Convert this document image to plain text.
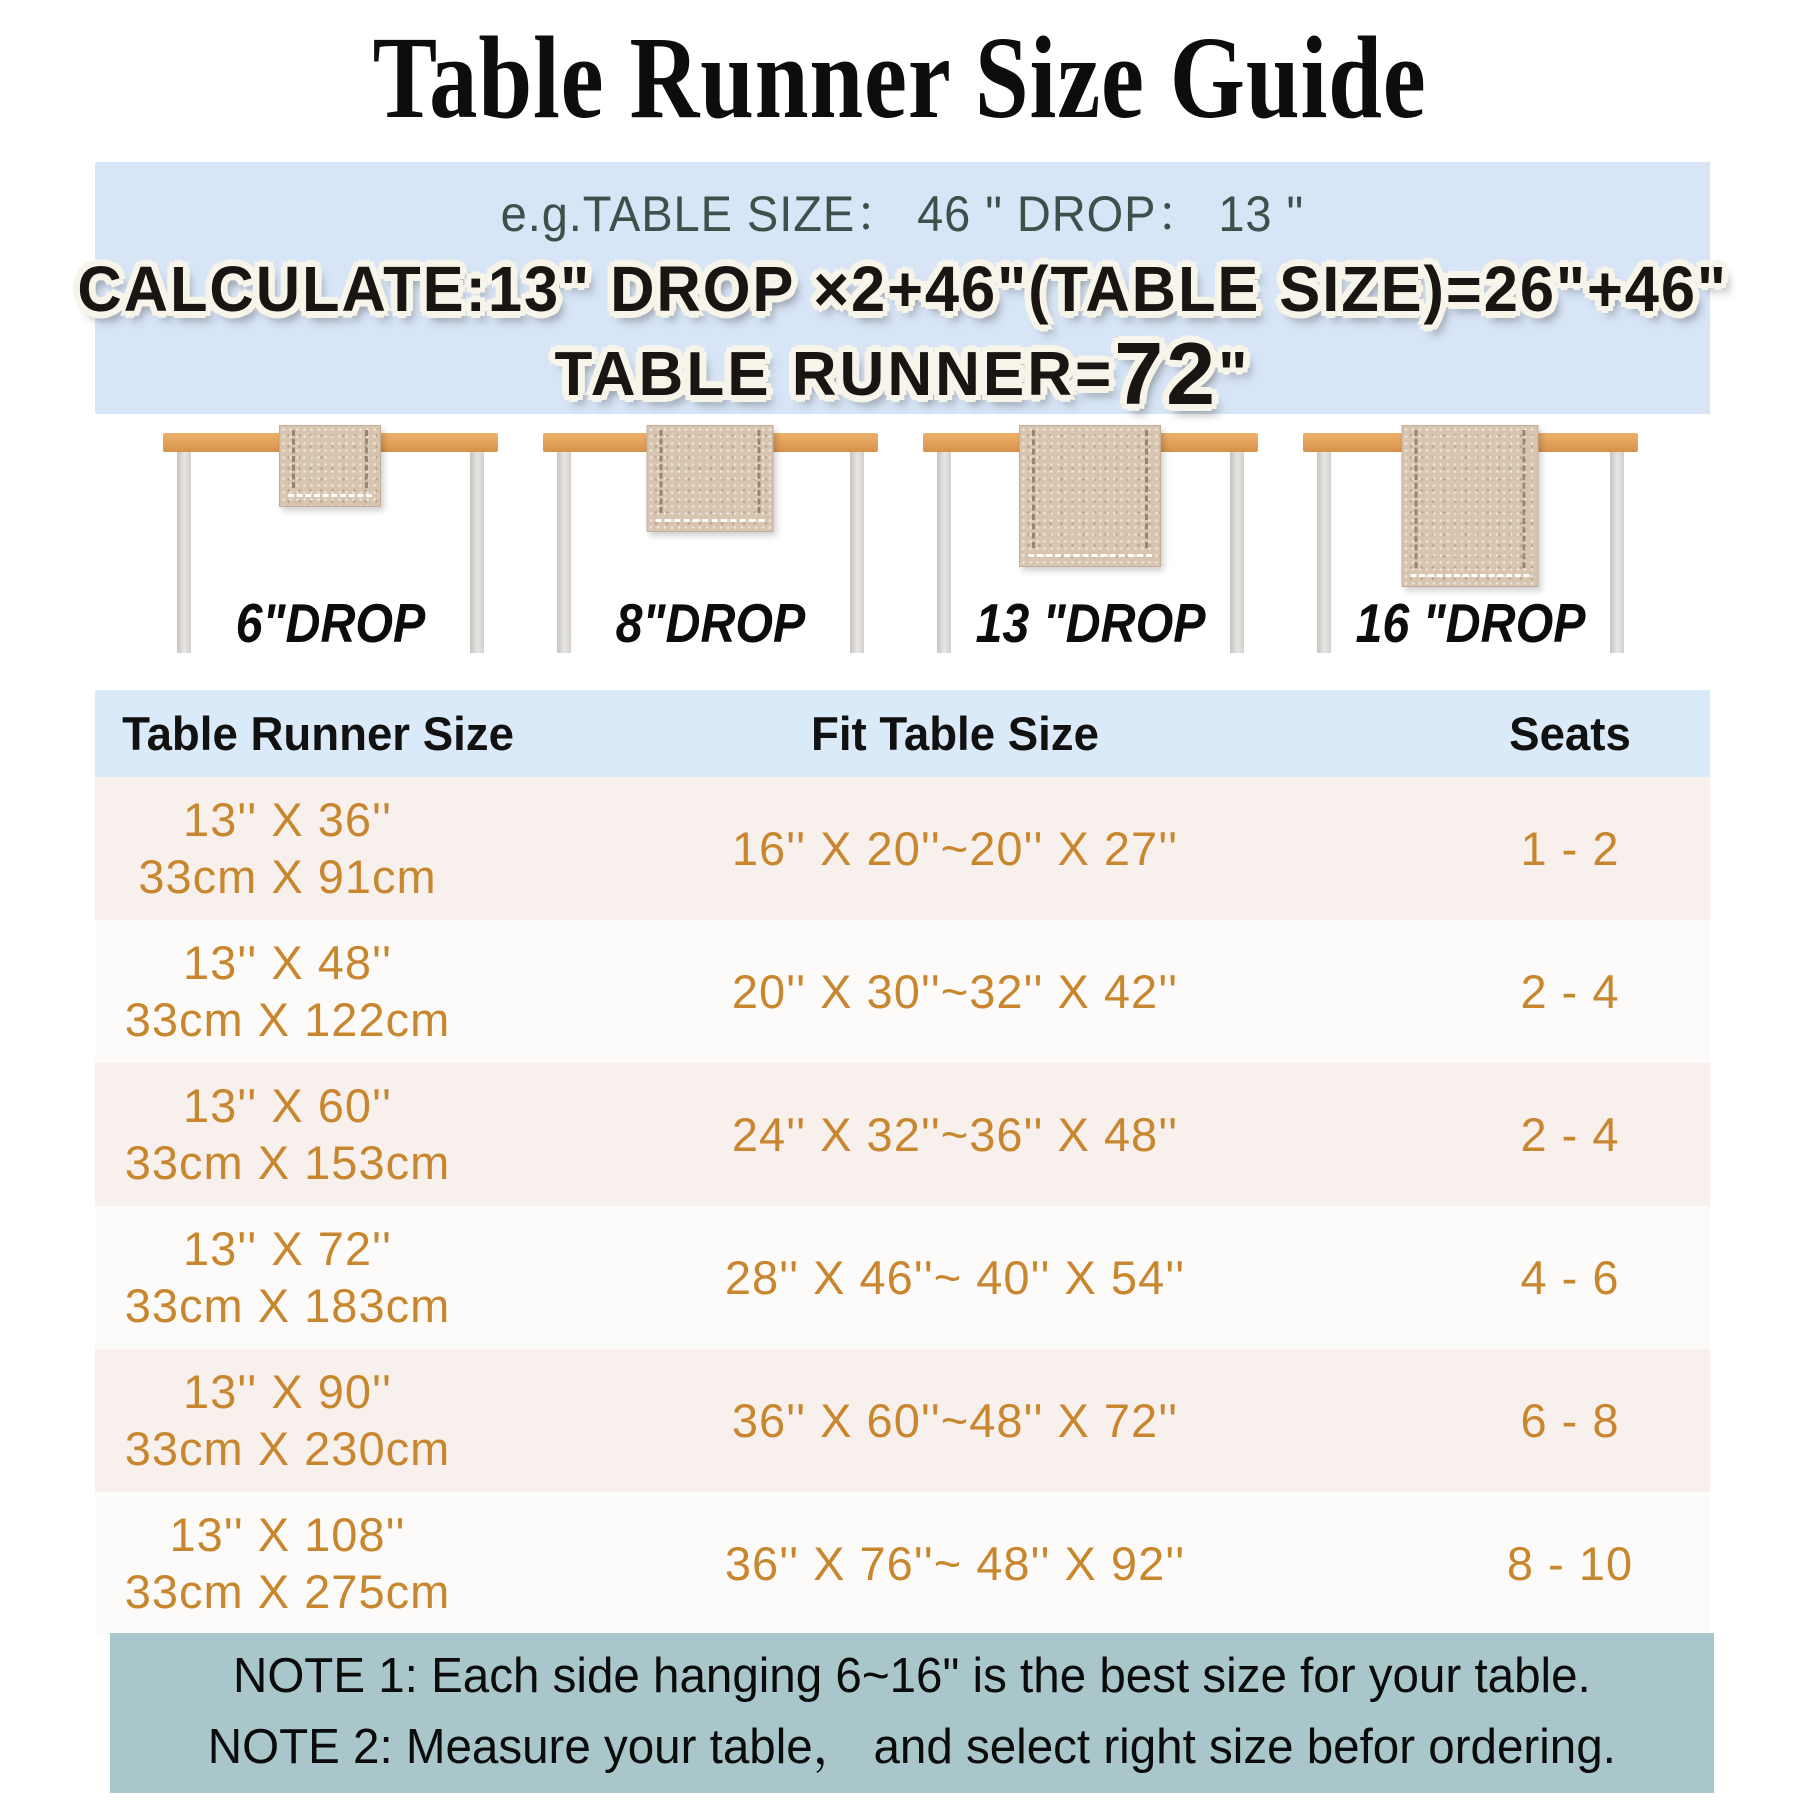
Table Runner Size Guide
e.g.TABLE SIZE： 46 " DROP： 13 "
CALCULATE:13" DROP ×2+46"(TABLE SIZE)=26"+46"
TABLE RUNNER= 72 "
6"DROP	8"DROP	13 "DROP	16 "DROP
Table Runner Size	Fit Table Size	Seats
13'' X 36''
33cm X 91cm
16'' X 20''~20'' X 27''	1 - 2
13'' X 48''
33cm X 122cm
20'' X 30''~32'' X 42''	2 - 4
13'' X 60''
33cm X 153cm
24'' X 32''~36'' X 48''	2 - 4
13'' X 72''
33cm X 183cm
28'' X 46''~ 40'' X 54''	4 - 6
13'' X 90''
33cm X 230cm
36'' X 60''~48'' X 72''	6 - 8
13'' X 108''
33cm X 275cm
36'' X 76''~ 48'' X 92''	8 - 10
NOTE 1: Each side hanging 6~16" is the best size for your table.
NOTE 2: Measure your table， and select right size befor ordering.
